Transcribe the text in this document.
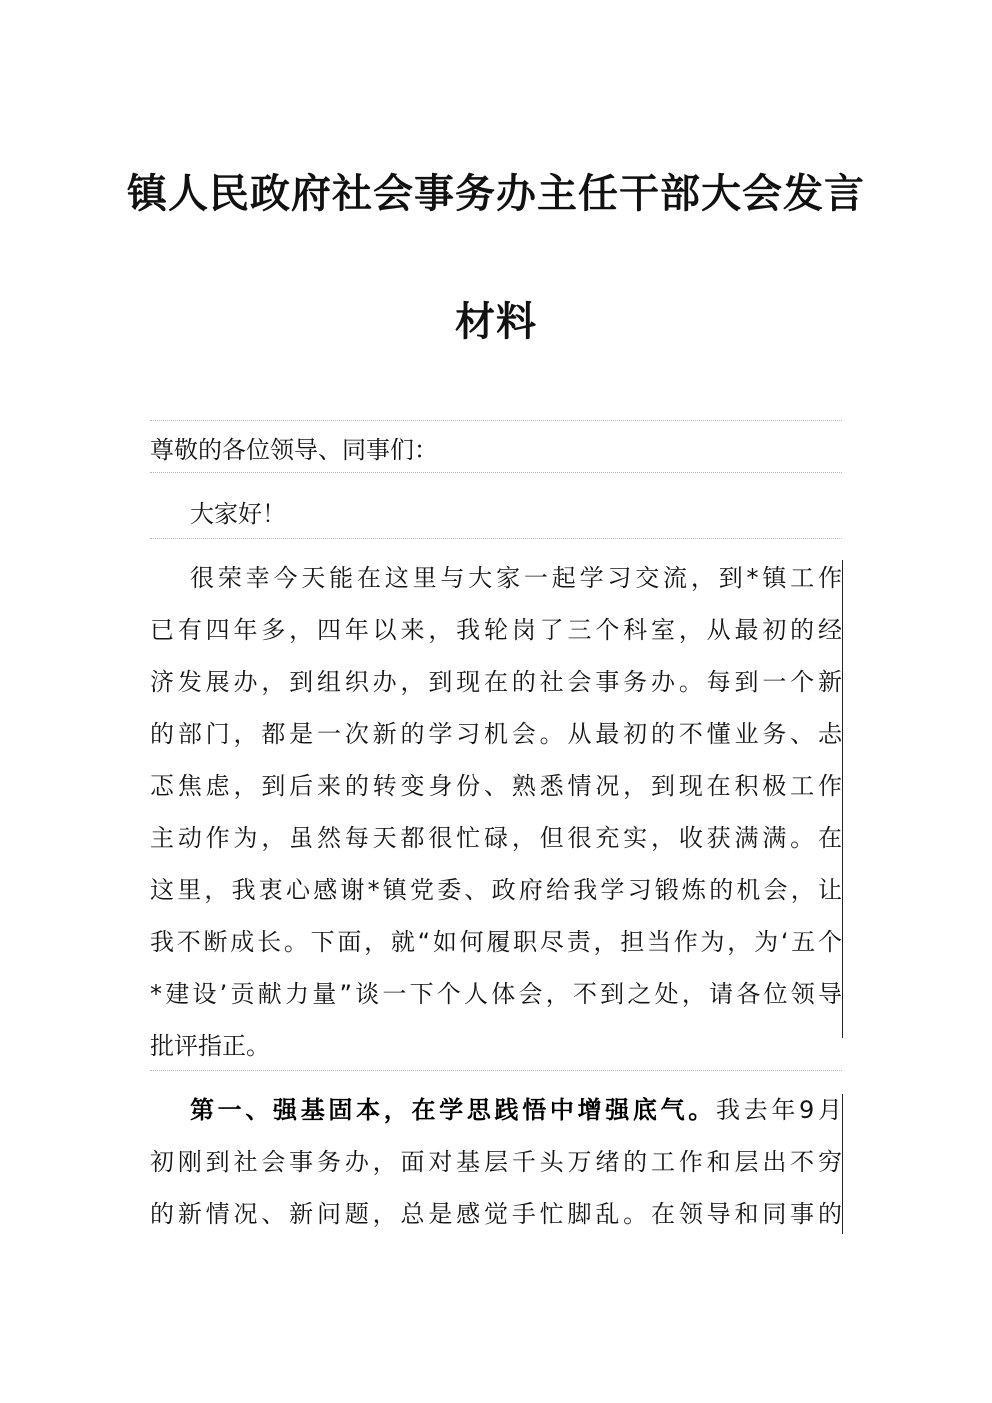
镇人民政府社会事务办主任干部大会发言
材料
尊敬的各位领导、同事们：
大家好！
很荣幸今天能在这里与大家一起学习交流，到*镇工作
已有四年多，四年以来，我轮岗了三个科室，从最初的经
济发展办，到组织办，到现在的社会事务办。每到一个新
的部门，都是一次新的学习机会。从最初的不懂业务、忐
忑焦虑，到后来的转变身份、熟悉情况，到现在积极工作
主动作为，虽然每天都很忙碌，但很充实，收获满满。在
这里，我衷心感谢*镇党委、政府给我学习锻炼的机会，让
我不断成长。下面，就“如何履职尽责，担当作为，为‘五个
*建设’贡献力量”谈一下个人体会，不到之处，请各位领导
批评指正。
第一、强基固本，在学思践悟中增强底气。我去年9月
初刚到社会事务办，面对基层千头万绪的工作和层出不穷
的新情况、新问题，总是感觉手忙脚乱。在领导和同事的
